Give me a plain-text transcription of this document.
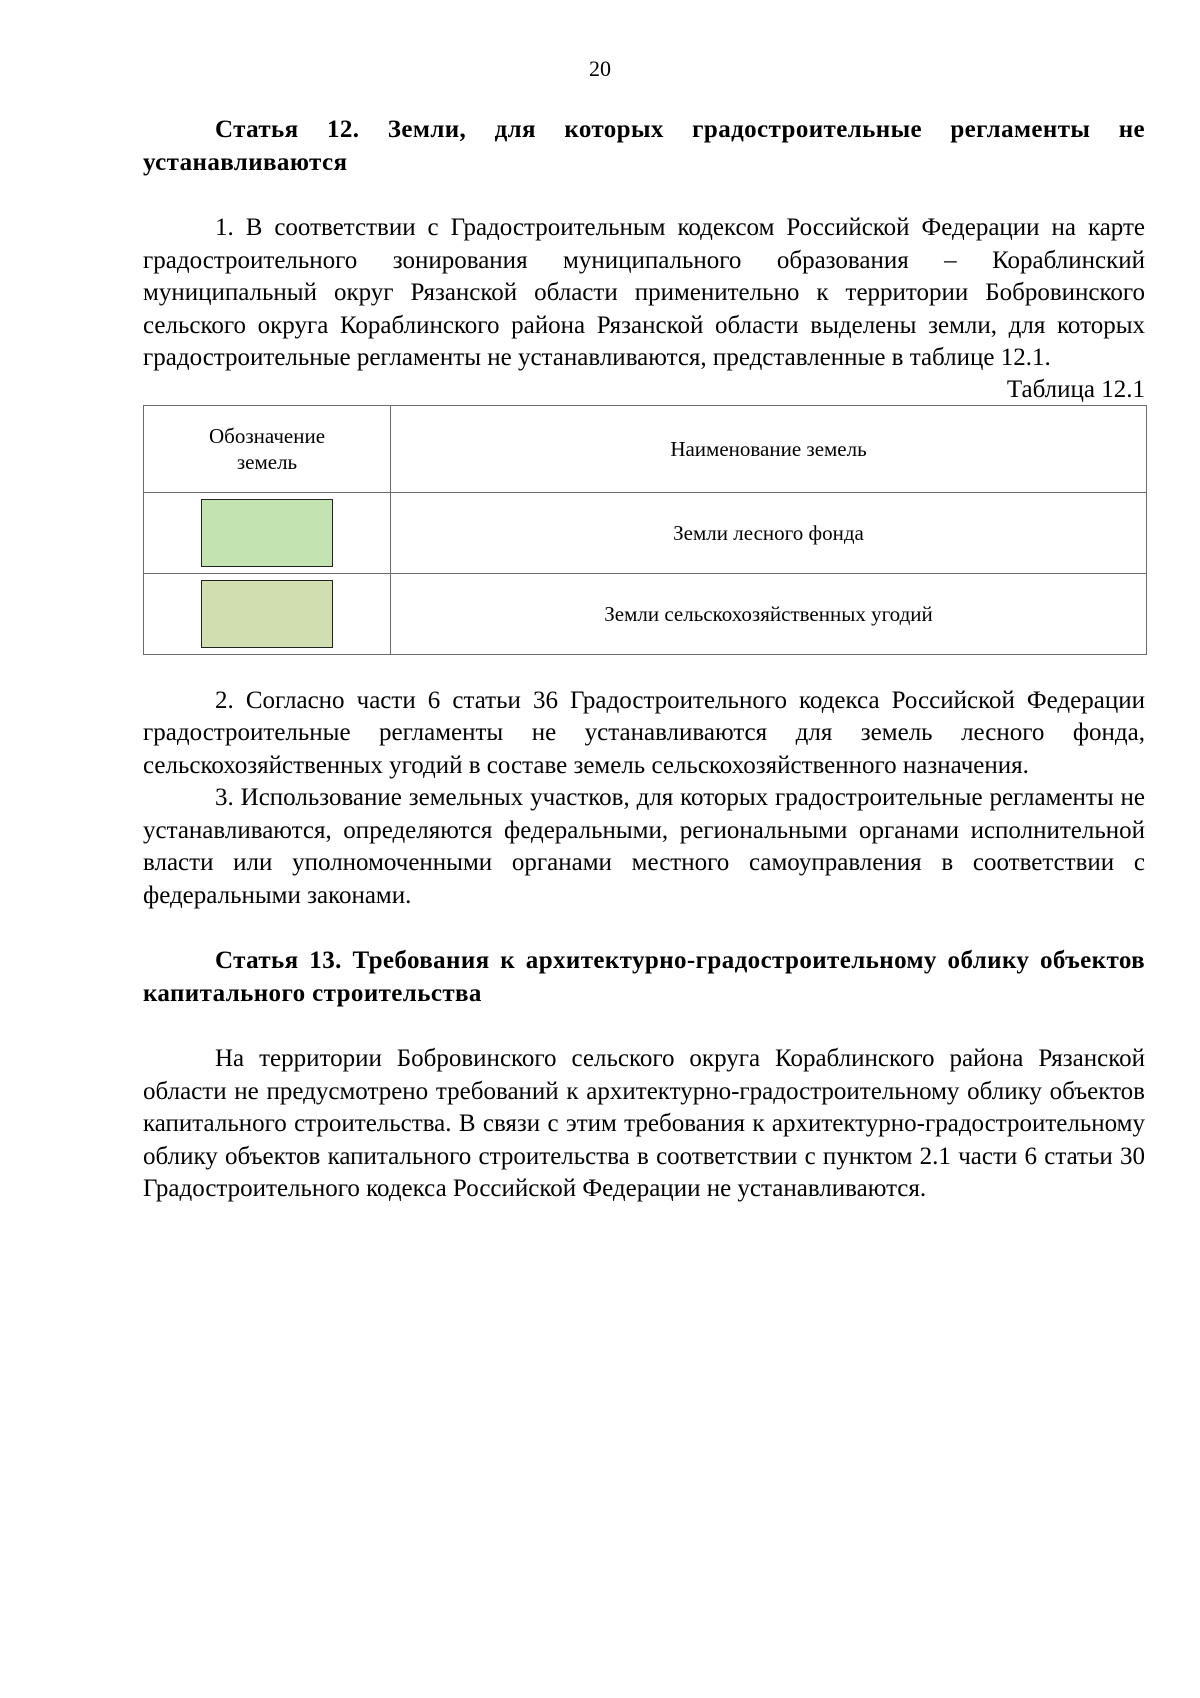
20

Статья 12. Земли, для которых градостроительные регламенты не устанавливаются

1. В соответствии с Градостроительным кодексом Российской Федерации на карте градостроительного зонирования муниципального образования – Кораблинский муниципальный округ Рязанской области применительно к территории Бобровинского сельского округа Кораблинского района Рязанской области выделены земли, для которых градостроительные регламенты не устанавливаются, представленные в таблице 12.1.

Таблица 12.1

Обозначение земель	Наименование земель
	Земли лесного фонда
	Земли сельскохозяйственных угодий

2. Согласно части 6 статьи 36 Градостроительного кодекса Российской Федерации градостроительные регламенты не устанавливаются для земель лесного фонда, сельскохозяйственных угодий в составе земель сельскохозяйственного назначения.

3. Использование земельных участков, для которых градостроительные регламенты не устанавливаются, определяются федеральными, региональными органами исполнительной власти или уполномоченными органами местного самоуправления в соответствии с федеральными законами.

Статья 13. Требования к архитектурно-градостроительному облику объектов капитального строительства

На территории Бобровинского сельского округа Кораблинского района Рязанской области не предусмотрено требований к архитектурно-градостроительному облику объектов капитального строительства. В связи с этим требования к архитектурно-градостроительному облику объектов капитального строительства в соответствии с пунктом 2.1 части 6 статьи 30 Градостроительного кодекса Российской Федерации не устанавливаются.
